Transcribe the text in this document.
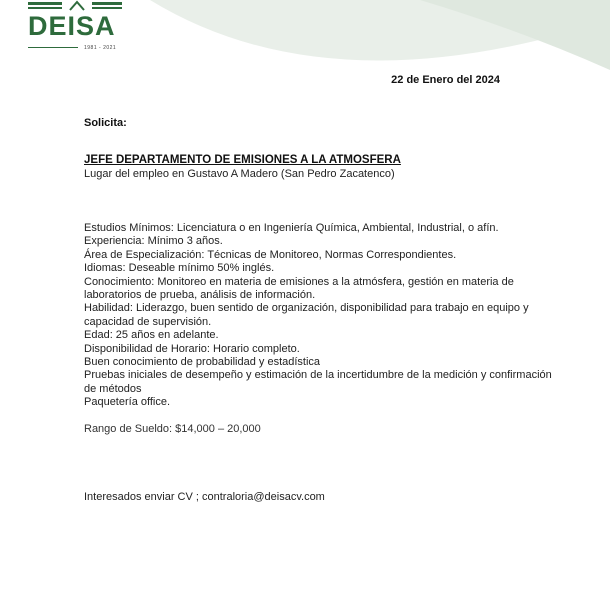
DEISA
1981 - 2021
22 de Enero del 2024
Solicita:
JEFE DEPARTAMENTO DE EMISIONES A LA ATMOSFERA
Lugar del empleo en Gustavo A Madero (San Pedro Zacatenco)
Estudios Mínimos: Licenciatura o en Ingeniería Química, Ambiental, Industrial, o afín.
Experiencia: Mínimo 3 años.
Área de Especialización: Técnicas de Monitoreo, Normas Correspondientes.
Idiomas: Deseable mínimo 50% inglés.
Conocimiento: Monitoreo en materia de emisiones a la atmósfera, gestión en materia de laboratorios de prueba, análisis de información.
Habilidad: Liderazgo, buen sentido de organización, disponibilidad para trabajo en equipo y capacidad de supervisión.
Edad: 25 años en adelante.
Disponibilidad de Horario: Horario completo.
Buen conocimiento de probabilidad y estadística
Pruebas iniciales de desempeño y estimación de la incertidumbre de la medición y confirmación de métodos
Paquetería office.
Rango de Sueldo: $14,000 – 20,000
Interesados enviar CV ; contraloria@deisacv.com
